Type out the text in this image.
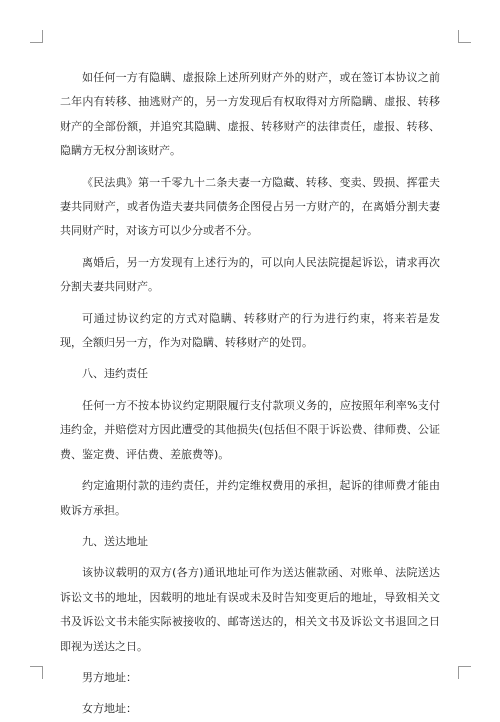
如任何一方有隐瞒、虚报除上述所列财产外的财产，或在签订本协议之前二年内有转移、抽逃财产的，另一方发现后有权取得对方所隐瞒、虚报、转移财产的全部份额，并追究其隐瞒、虚报、转移财产的法律责任，虚报、转移、隐瞒方无权分割该财产。

《民法典》第一千零九十二条夫妻一方隐藏、转移、变卖、毁损、挥霍夫妻共同财产，或者伪造夫妻共同债务企图侵占另一方财产的，在离婚分割夫妻共同财产时，对该方可以少分或者不分。

离婚后，另一方发现有上述行为的，可以向人民法院提起诉讼，请求再次分割夫妻共同财产。

可通过协议约定的方式对隐瞒、转移财产的行为进行约束，将来若是发现，全额归另一方，作为对隐瞒、转移财产的处罚。

八、违约责任

任何一方不按本协议约定期限履行支付款项义务的，应按照年利率%支付违约金，并赔偿对方因此遭受的其他损失(包括但不限于诉讼费、律师费、公证费、鉴定费、评估费、差旅费等)。

约定逾期付款的违约责任，并约定维权费用的承担，起诉的律师费才能由败诉方承担。

九、送达地址

该协议载明的双方(各方)通讯地址可作为送达催款函、对账单、法院送达诉讼文书的地址，因载明的地址有误或未及时告知变更后的地址，导致相关文书及诉讼文书未能实际被接收的、邮寄送达的，相关文书及诉讼文书退回之日即视为送达之日。

男方地址：

女方地址：
